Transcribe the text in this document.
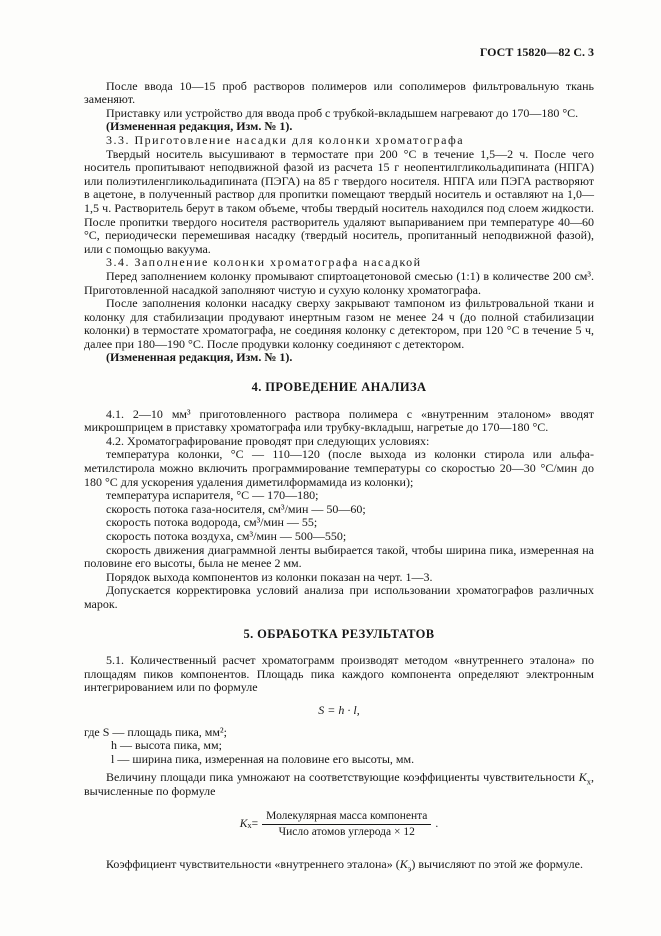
ГОСТ 15820—82 С. 3

После ввода 10—15 проб растворов полимеров или сополимеров фильтровальную ткань заменяют.

Приставку или устройство для ввода проб с трубкой-вкладышем нагревают до 170—180 °С.

(Измененная редакция, Изм. № 1).

3.3. Приготовление насадки для колонки хроматографа

Твердый носитель высушивают в термостате при 200 °С в течение 1,5—2 ч. После чего носитель пропитывают неподвижной фазой из расчета 15 г неопентилгликольадипината (НПГА) или полиэтиленгликольадипината (ПЭГА) на 85 г твердого носителя. НПГА или ПЭГА растворяют в ацетоне, в полученный раствор для пропитки помещают твердый носитель и оставляют на 1,0—1,5 ч. Растворитель берут в таком объеме, чтобы твердый носитель находился под слоем жидкости. После пропитки твердого носителя растворитель удаляют выпариванием при температуре 40—60 °С, периодически перемешивая насадку (твердый носитель, пропитанный неподвижной фазой), или с помощью вакуума.

3.4. Заполнение колонки хроматографа насадкой

Перед заполнением колонку промывают спиртоацетоновой смесью (1:1) в количестве 200 см³. Приготовленной насадкой заполняют чистую и сухую колонку хроматографа.

После заполнения колонки насадку сверху закрывают тампоном из фильтровальной ткани и колонку для стабилизации продувают инертным газом не менее 24 ч (до полной стабилизации колонки) в термостате хроматографа, не соединяя колонку с детектором, при 120 °С в течение 5 ч, далее при 180—190 °С. После продувки колонку соединяют с детектором.

(Измененная редакция, Изм. № 1).

4. ПРОВЕДЕНИЕ АНАЛИЗА

4.1. 2—10 мм³ приготовленного раствора полимера с «внутренним эталоном» вводят микрошприцем в приставку хроматографа или трубку-вкладыш, нагретые до 170—180 °С.

4.2. Хроматографирование проводят при следующих условиях:

температура колонки, °С — 110—120 (после выхода из колонки стирола или альфа-метилстирола можно включить программирование температуры со скоростью 20—30 °С/мин до 180 °С для ускорения удаления диметилформамида из колонки);

температура испарителя, °С — 170—180;

скорость потока газа-носителя, см³/мин — 50—60;

скорость потока водорода, см³/мин — 55;

скорость потока воздуха, см³/мин — 500—550;

скорость движения диаграммной ленты выбирается такой, чтобы ширина пика, измеренная на половине его высоты, была не менее 2 мм.

Порядок выхода компонентов из колонки показан на черт. 1—3.

Допускается корректировка условий анализа при использовании хроматографов различных марок.

5. ОБРАБОТКА РЕЗУЛЬТАТОВ

5.1. Количественный расчет хроматограмм производят методом «внутреннего эталона» по площадям пиков компонентов. Площадь пика каждого компонента определяют электронным интегрированием или по формуле

S = h · l,

где S — площадь пика, мм²;

h — высота пика, мм;

l — ширина пика, измеренная на половине его высоты, мм.

Величину площади пика умножают на соответствующие коэффициенты чувствительности $K_х$, вычисленные по формуле

K $х = \frac{\text{Молекулярная масса компонента}}{\text{Число атомов углерода × 12}}$ .

Коэффициент чувствительности «внутреннего эталона» $(K_э)$ вычисляют по этой же формуле.
